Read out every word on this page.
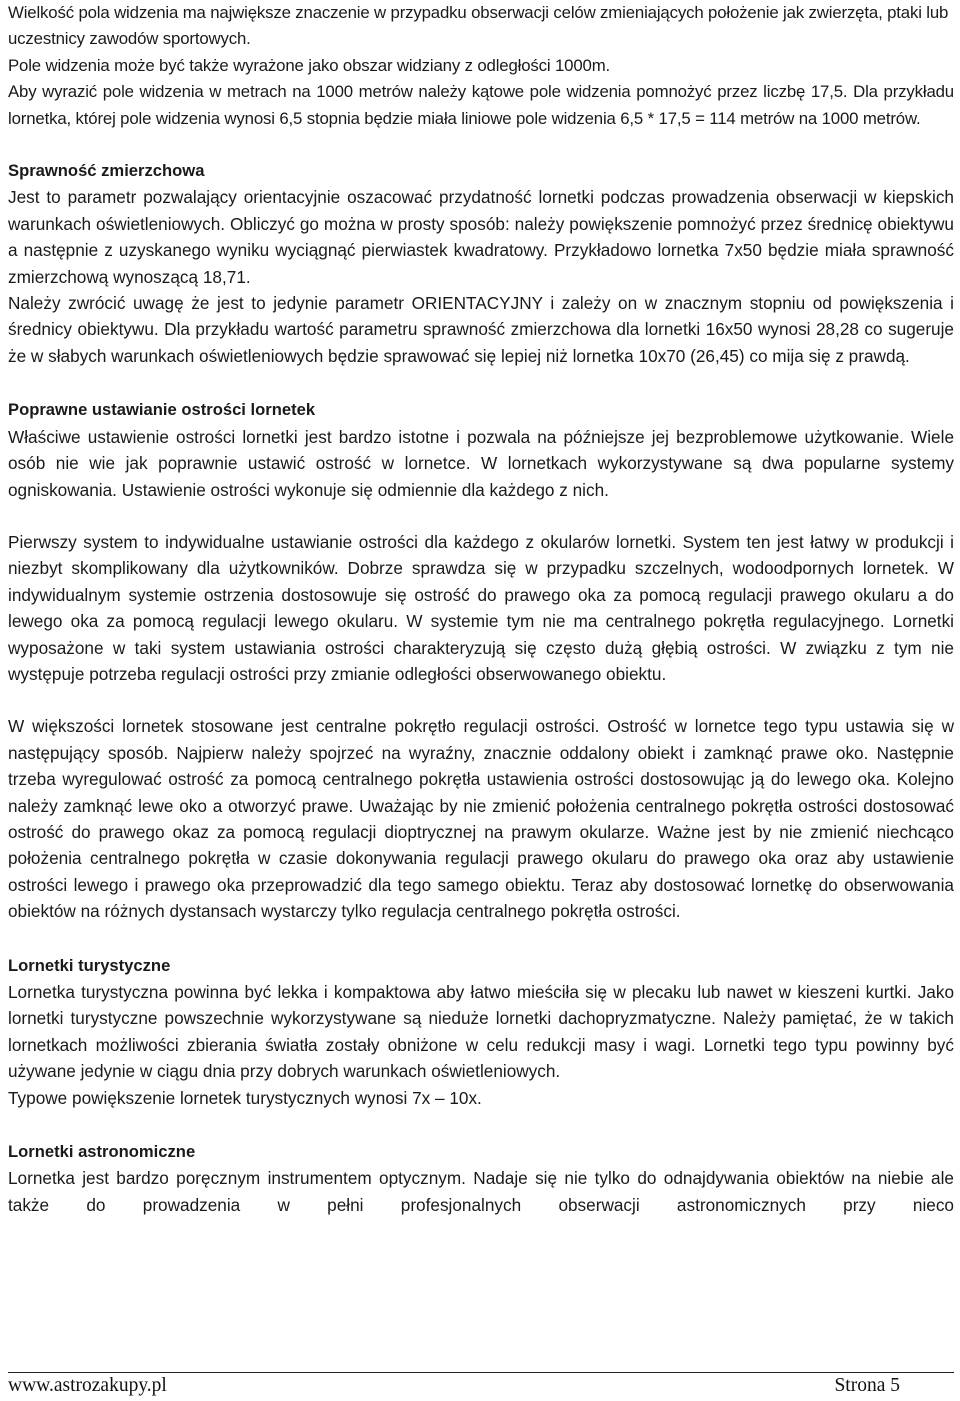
Wielkość pola widzenia ma największe znaczenie w przypadku obserwacji celów zmieniających położenie jak zwierzęta, ptaki lub uczestnicy zawodów sportowych.

Pole widzenia może być także wyrażone jako obszar widziany z odległości 1000m.

Aby wyrazić pole widzenia w metrach na 1000 metrów należy kątowe pole widzenia pomnożyć przez liczbę 17,5. Dla przykładu lornetka, której pole widzenia wynosi 6,5 stopnia będzie miała liniowe pole widzenia 6,5 * 17,5 = 114 metrów na 1000 metrów.

Sprawność zmierzchowa

Jest to parametr pozwalający orientacyjnie oszacować przydatność lornetki podczas prowadzenia obserwacji w kiepskich warunkach oświetleniowych. Obliczyć go można w prosty sposób: należy powiększenie pomnożyć przez średnicę obiektywu a następnie z uzyskanego wyniku wyciągnąć pierwiastek kwadratowy. Przykładowo lornetka 7x50 będzie miała sprawność zmierzchową wynoszącą 18,71.

Należy zwrócić uwagę że jest to jedynie parametr ORIENTACYJNY i zależy on w znacznym stopniu od powiększenia i średnicy obiektywu. Dla przykładu wartość parametru sprawność zmierzchowa dla lornetki 16x50 wynosi 28,28 co sugeruje że w słabych warunkach oświetleniowych będzie sprawować się lepiej niż lornetka 10x70 (26,45) co mija się z prawdą.

Poprawne ustawianie ostrości lornetek

Właściwe ustawienie ostrości lornetki jest bardzo istotne i pozwala na późniejsze jej bezproblemowe użytkowanie. Wiele osób nie wie jak poprawnie ustawić ostrość w lornetce. W lornetkach wykorzystywane są dwa popularne systemy ogniskowania. Ustawienie ostrości wykonuje się odmiennie dla każdego z nich.

Pierwszy system to indywidualne ustawianie ostrości dla każdego z okularów lornetki. System ten jest łatwy w produkcji i niezbyt skomplikowany dla użytkowników. Dobrze sprawdza się w przypadku szczelnych, wodoodpornych lornetek. W indywidualnym systemie ostrzenia dostosowuje się ostrość do prawego oka za pomocą regulacji prawego okularu a do lewego oka za pomocą regulacji lewego okularu. W systemie tym nie ma centralnego pokrętła regulacyjnego. Lornetki wyposażone w taki system ustawiania ostrości charakteryzują się często dużą głębią ostrości. W związku z tym nie występuje potrzeba regulacji ostrości przy zmianie odległości obserwowanego obiektu.

W większości lornetek stosowane jest centralne pokrętło regulacji ostrości. Ostrość w lornetce tego typu ustawia się w następujący sposób. Najpierw należy spojrzeć na wyraźny, znacznie oddalony obiekt i zamknąć prawe oko. Następnie trzeba wyregulować ostrość za pomocą centralnego pokrętła ustawienia ostrości dostosowując ją do lewego oka. Kolejno należy zamknąć lewe oko a otworzyć prawe. Uważając by nie zmienić położenia centralnego pokrętła ostrości dostosować ostrość do prawego okaz za pomocą regulacji dioptrycznej na prawym okularze. Ważne jest by nie zmienić niechcąco położenia centralnego pokrętła w czasie dokonywania regulacji prawego okularu do prawego oka oraz aby ustawienie ostrości lewego i prawego oka przeprowadzić dla tego samego obiektu. Teraz aby dostosować lornetkę do obserwowania obiektów na różnych dystansach wystarczy tylko regulacja centralnego pokrętła ostrości.

Lornetki turystyczne

Lornetka turystyczna powinna być lekka i kompaktowa aby łatwo mieściła się w plecaku lub nawet w kieszeni kurtki. Jako lornetki turystyczne powszechnie wykorzystywane są nieduże lornetki dachopryzmatyczne. Należy pamiętać, że w takich lornetkach możliwości zbierania światła zostały obniżone w celu redukcji masy i wagi. Lornetki tego typu powinny być używane jedynie w ciągu dnia przy dobrych warunkach oświetleniowych.

Typowe powiększenie lornetek turystycznych wynosi 7x – 10x.

Lornetki astronomiczne

Lornetka jest bardzo poręcznym instrumentem optycznym. Nadaje się nie tylko do odnajdywania obiektów na niebie ale także do prowadzenia w pełni profesjonalnych obserwacji astronomicznych przy nieco

www.astrozakupy.pl	Strona 5
